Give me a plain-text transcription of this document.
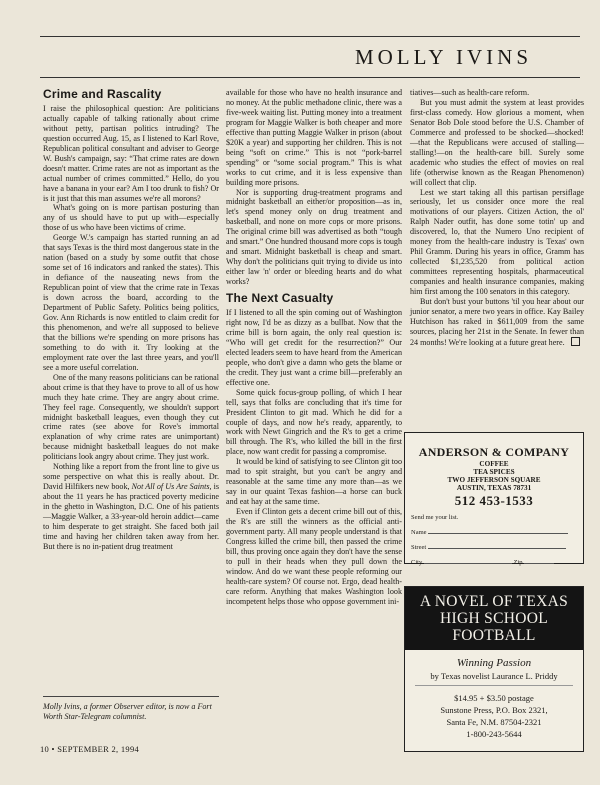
MOLLY IVINS
Crime and Rascality

I raise the philosophical question: Are politicians actually capable of talking rationally about crime without petty, partisan politics intruding? The question occurred Aug. 15, as I listened to Karl Rove, Republican political consultant and adviser to George W. Bush's campaign, say: “That crime rates are down doesn't matter. Crime rates are not as important as the actual number of crimes committed.” Hello, do you have a banana in your ear? Am I too drunk to fish? Or is it just that this man assumes we're all morons?

What's going on is more partisan posturing than any of us should have to put up with—especially those of us who have been victims of crime.

George W.'s campaign has started running an ad that says Texas is the third most dangerous state in the nation (based on a study by some outfit that chose some set of 16 indicators and ranked the states). This in defiance of the nauseating news from the Republican point of view that the crime rate in Texas is down across the board, according to the Department of Public Safety. Politics being politics, Gov. Ann Richards is now entitled to claim credit for this phenomenon, and we're all supposed to believe that the billions we're spending on more prisons has something to do with it. Try looking at the employment rate over the last three years, and you'll see a more useful correlation.

One of the many reasons politicians can be rational about crime is that they have to prove to all of us how much they hate crime. They are angry about crime. They feel rage. Consequently, we shouldn't support midnight basketball leagues, even though they cut crime rates (see above for Rove's immortal explanation of why crime rates are unimportant) because midnight basketball leagues do not make politicians look angry about crime. They just work.

Nothing like a report from the front line to give us some perspective on what this is really about. Dr. David Hilfikers new book, Not All of Us Are Saints, is about the 11 years he has practiced poverty medicine in the ghetto in Washington, D.C. One of his patients—Maggie Walker, a 33-year-old heroin addict—came to him desperate to get straight. She faced both jail time and having her children taken away from her. But there is no in-patient drug treatment

Molly Ivins, a former Observer editor, is now a Fort Worth Star-Telegram columnist.
10 • SEPTEMBER 2, 1994

available for those who have no health insurance and no money. At the public methadone clinic, there was a five-week waiting list. Putting money into a treatment program for Maggie Walker is both cheaper and more effective than putting Maggie Walker in prison (about $20K a year) and supporting her children. This is not being “soft on crime.” This is not “pork-barrel spending” or “some social program.” This is what works to cut crime, and it is less expensive than building more prisons.

Nor is supporting drug-treatment programs and midnight basketball an either/or proposition—as in, let's spend money only on drug treatment and basketball, and none on more cops or more prisons. The original crime bill was advertised as both “tough and smart.” One hundred thousand more cops is tough and smart. Midnight basketball is cheap and smart. Why don't the politicians quit trying to divide us into either law 'n' order or bleeding hearts and do what works?

The Next Casualty

If I listened to all the spin coming out of Washington right now, I'd be as dizzy as a bullbat. Now that the crime bill is born again, the only real question is: “Who will get credit for the resurrection?” Our elected leaders seem to have heard from the American people, who don't give a damn who gets the blame or the credit. They just want a crime bill—preferably an effective one.

Some quick focus-group polling, of which I hear tell, says that folks are concluding that it's time for President Clinton to git mad. Which he did for a couple of days, and now he's ready, apparently, to work with Newt Gingrich and the R's to get a crime bill through. The R's, who killed the bill in the first place, now want credit for passing a compromise.

It would be kind of satisfying to see Clinton git too mad to spit straight, but you can't be angry and reasonable at the same time any more than—as we say in our quaint Texas fashion—a horse can buck and eat hay at the same time.

Even if Clinton gets a decent crime bill out of this, the R's are still the winners as the official anti-government party. All many people understand is that Congress killed the crime bill, then passed the crime bill, thus proving once again they don't have the sense to pull in their heads when they pull down the window. And do we want these people reforming our health-care system? Of course not. Ergo, dead health-care reform. Anything that makes Washington look incompetent helps those who oppose government ini-

tiatives—such as health-care reform.

But you must admit the system at least provides first-class comedy. How glorious a moment, when Senator Bob Dole stood before the U.S. Chamber of Commerce and professed to be shocked—shocked!—that the Republicans were accused of stalling—stalling!—on the health-care bill. Surely some academic who studies the effect of movies on real life (otherwise known as the Reagan Phenomenon) will collect that clip.

Lest we start taking all this partisan persiflage seriously, let us consider once more the real motivations of our players. Citizen Action, the ol' Ralph Nader outfit, has done some totin' up and discovered, lo, that the Numero Uno recipient of money from the health-care industry is Texas' own Phil Gramm. During his years in office, Gramm has collected $1,235,520 from political action committees representing hospitals, pharmaceutical companies and health insurance companies, making him first among the 100 senators in this category.

But don't bust your buttons 'til you hear about our junior senator, a mere two years in office. Kay Bailey Hutchison has raked in $611,009 from the same sources, placing her 21st in the Senate. In fewer than 24 months! We're looking at a future great here.

ANDERSON & COMPANY
COFFEE
TEA SPICES
TWO JEFFERSON SQUARE
AUSTIN, TEXAS 78731
512 453-1533
Send me your list.
Name
Street
City	Zip
A NOVEL OF TEXAS HIGH SCHOOL FOOTBALL
Winning Passion
by Texas novelist Laurance L. Priddy
$14.95 + $3.50 postage
Sunstone Press, P.O. Box 2321,
Santa Fe, N.M. 87504-2321
1-800-243-5644
